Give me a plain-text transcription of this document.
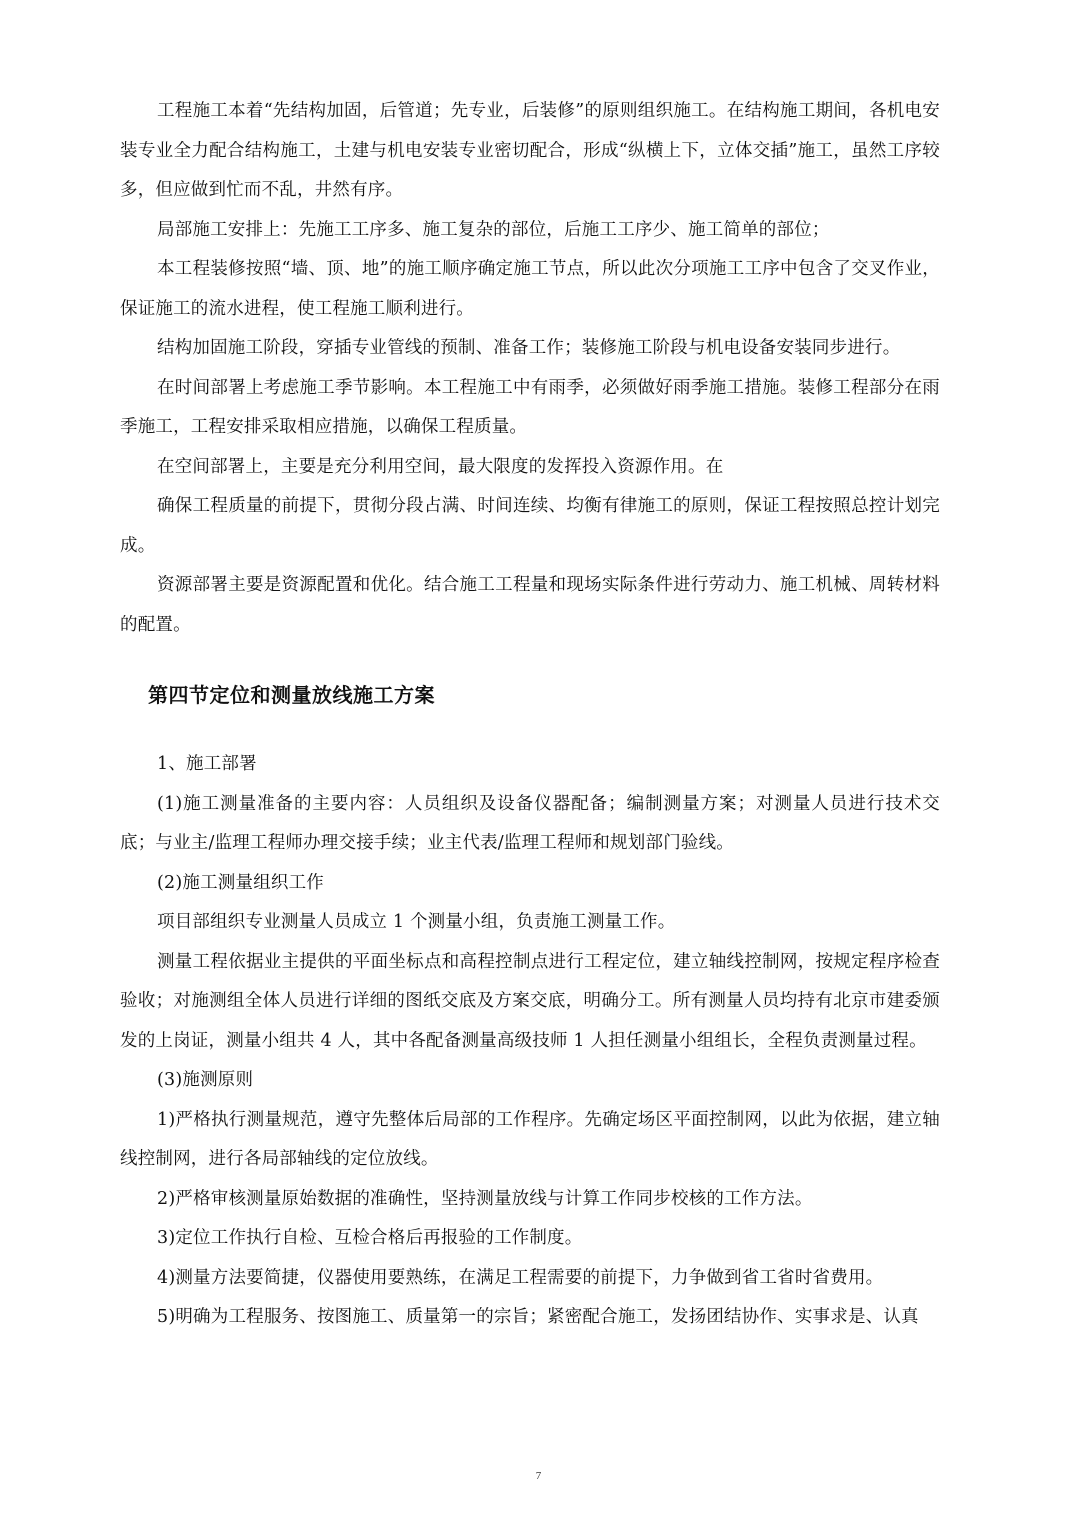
工程施工本着“先结构加固，后管道；先专业，后装修”的原则组织施工。在结构施工期间，各机电安装专业全力配合结构施工，土建与机电安装专业密切配合，形成“纵横上下，立体交插”施工，虽然工序较多，但应做到忙而不乱，井然有序。

局部施工安排上：先施工工序多、施工复杂的部位，后施工工序少、施工简单的部位；

本工程装修按照“墙、顶、地”的施工顺序确定施工节点，所以此次分项施工工序中包含了交叉作业，保证施工的流水进程，使工程施工顺利进行。

结构加固施工阶段，穿插专业管线的预制、准备工作；装修施工阶段与机电设备安装同步进行。

在时间部署上考虑施工季节影响。本工程施工中有雨季，必须做好雨季施工措施。装修工程部分在雨季施工，工程安排采取相应措施，以确保工程质量。

在空间部署上，主要是充分利用空间，最大限度的发挥投入资源作用。在

确保工程质量的前提下，贯彻分段占满、时间连续、均衡有律施工的原则，保证工程按照总控计划完成。

资源部署主要是资源配置和优化。结合施工工程量和现场实际条件进行劳动力、施工机械、周转材料的配置。

第四节定位和测量放线施工方案

1、施工部署

(1)施工测量准备的主要内容：人员组织及设备仪器配备；编制测量方案；对测量人员进行技术交底；与业主/监理工程师办理交接手续；业主代表/监理工程师和规划部门验线。

(2)施工测量组织工作

项目部组织专业测量人员成立 1 个测量小组，负责施工测量工作。

测量工程依据业主提供的平面坐标点和高程控制点进行工程定位，建立轴线控制网，按规定程序检查验收；对施测组全体人员进行详细的图纸交底及方案交底，明确分工。所有测量人员均持有北京市建委颁发的上岗证，测量小组共 4 人，其中各配备测量高级技师 1 人担任测量小组组长，全程负责测量过程。

(3)施测原则

1)严格执行测量规范，遵守先整体后局部的工作程序。先确定场区平面控制网，以此为依据，建立轴线控制网，进行各局部轴线的定位放线。

2)严格审核测量原始数据的准确性，坚持测量放线与计算工作同步校核的工作方法。

3)定位工作执行自检、互检合格后再报验的工作制度。

4)测量方法要简捷，仪器使用要熟练，在满足工程需要的前提下，力争做到省工省时省费用。

5)明确为工程服务、按图施工、质量第一的宗旨；紧密配合施工，发扬团结协作、实事求是、认真

7
